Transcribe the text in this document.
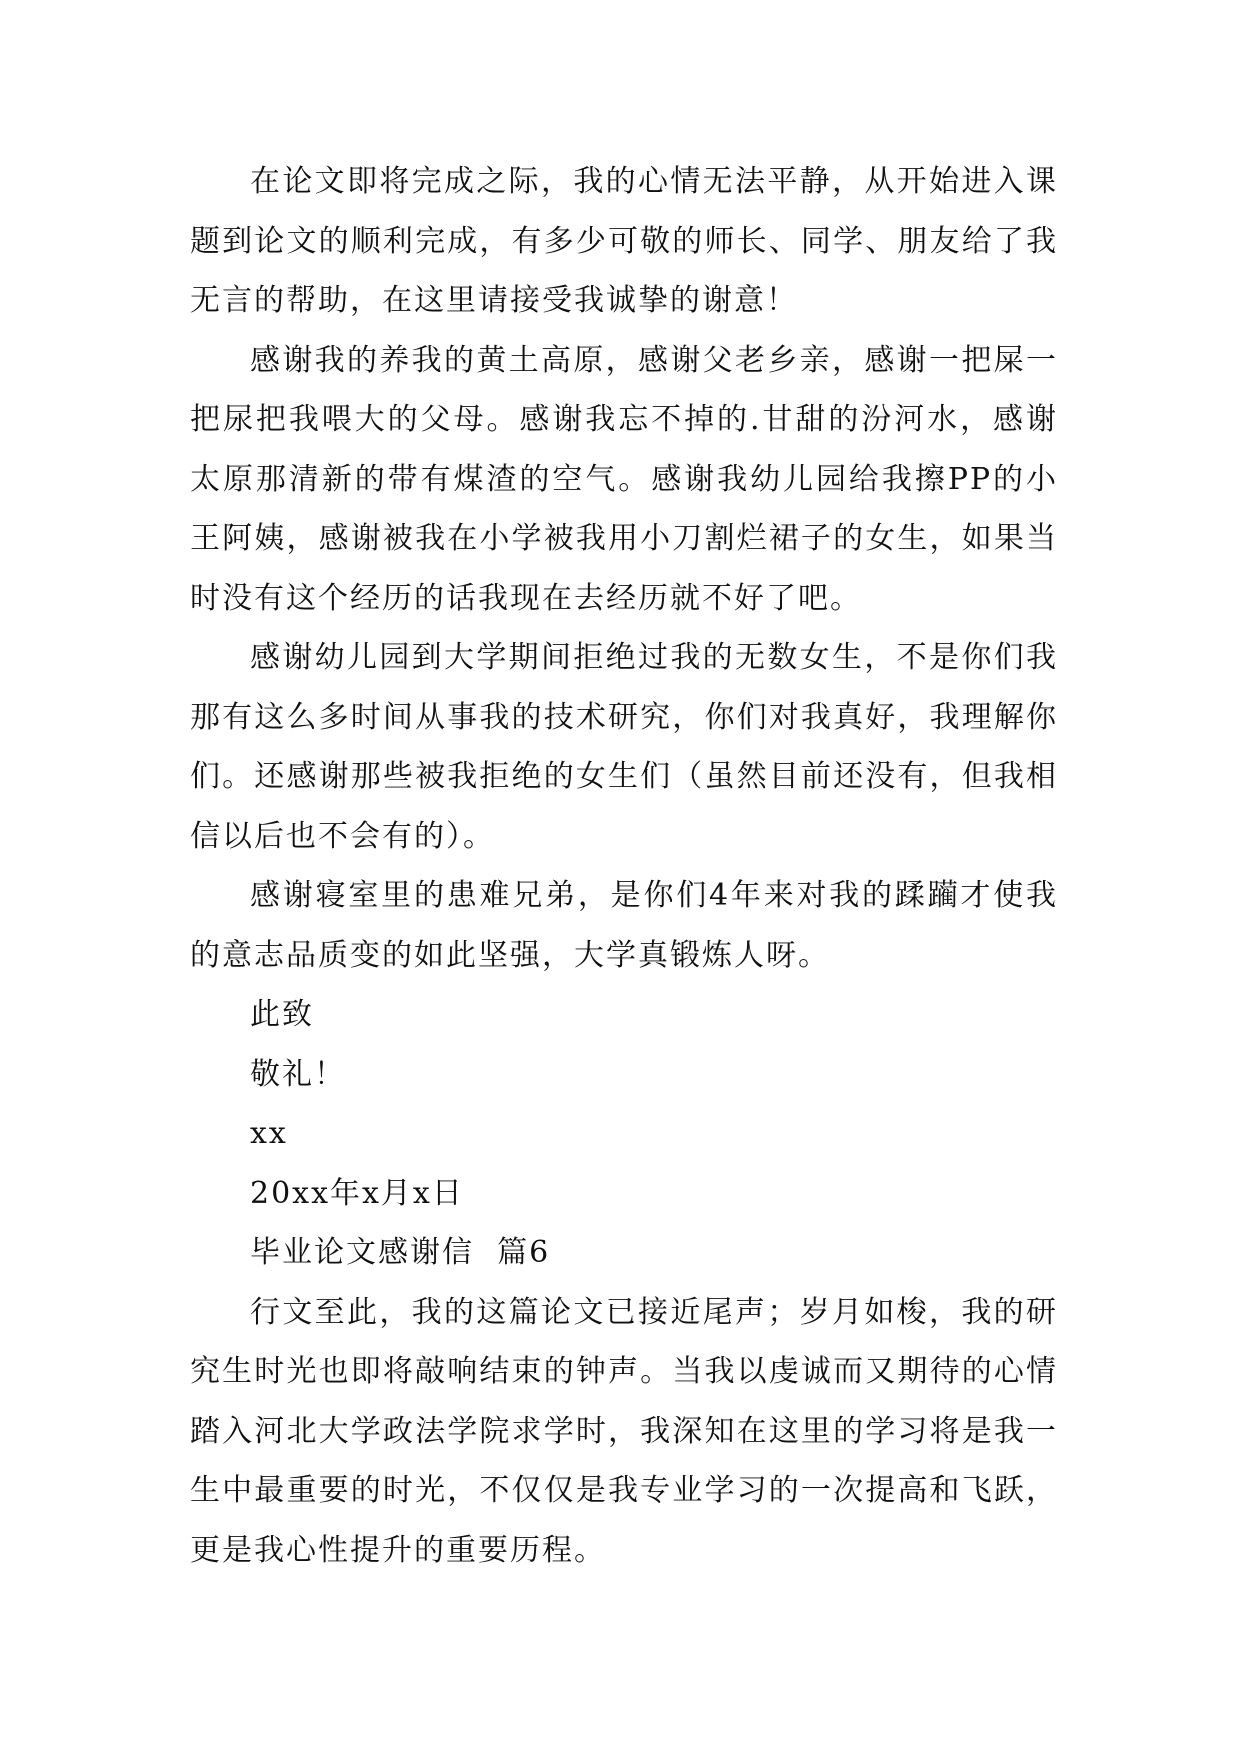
在论文即将完成之际，我的心情无法平静，从开始进入课题到论文的顺利完成，有多少可敬的师长、同学、朋友给了我无言的帮助，在这里请接受我诚挚的谢意！

感谢我的养我的黄土高原，感谢父老乡亲，感谢一把屎一把尿把我喂大的父母。感谢我忘不掉的.甘甜的汾河水，感谢太原那清新的带有煤渣的空气。感谢我幼儿园给我擦PP的小王阿姨，感谢被我在小学被我用小刀割烂裙子的女生，如果当时没有这个经历的话我现在去经历就不好了吧。

感谢幼儿园到大学期间拒绝过我的无数女生，不是你们我那有这么多时间从事我的技术研究，你们对我真好，我理解你们。还感谢那些被我拒绝的女生们（虽然目前还没有，但我相信以后也不会有的）。

感谢寝室里的患难兄弟，是你们4年来对我的蹂躏才使我的意志品质变的如此坚强，大学真锻炼人呀。

此致

敬礼！

xx

20xx年x月x日

毕业论文感谢信  篇6

行文至此，我的这篇论文已接近尾声；岁月如梭，我的研究生时光也即将敲响结束的钟声。当我以虔诚而又期待的心情踏入河北大学政法学院求学时，我深知在这里的学习将是我一生中最重要的时光，不仅仅是我专业学习的一次提高和飞跃，更是我心性提升的重要历程。
